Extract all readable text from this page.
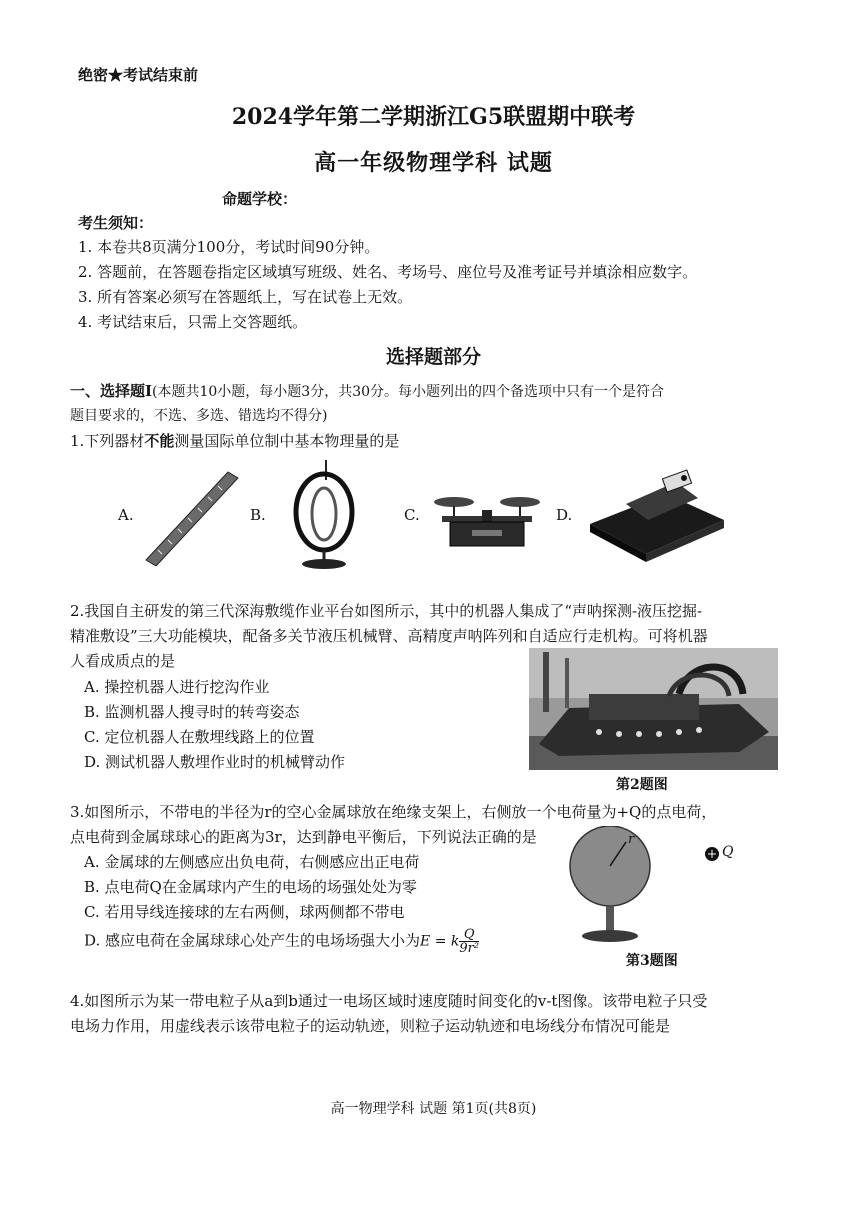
绝密★考试结束前
2024学年第二学期浙江G5联盟期中联考
高一年级物理学科 试题
命题学校：
考生须知：
1. 本卷共8页满分100分，考试时间90分钟。
2. 答题前，在答题卷指定区域填写班级、姓名、考场号、座位号及准考证号并填涂相应数字。
3. 所有答案必须写在答题纸上，写在试卷上无效。
4. 考试结束后，只需上交答题纸。
选择题部分
一、选择题Ⅰ(本题共10小题，每小题3分，共30分。每小题列出的四个备选项中只有一个是符合
题目要求的，不选、多选、错选均不得分)
1.下列器材不能测量国际单位制中基本物理量的是
A.	B.	C.	D.
2.我国自主研发的第三代深海敷缆作业平台如图所示，其中的机器人集成了“声呐探测-液压挖掘-
精准敷设”三大功能模块，配备多关节液压机械臂、高精度声呐阵列和自适应行走机构。可将机器
人看成质点的是
A. 操控机器人进行挖沟作业
B. 监测机器人搜寻时的转弯姿态
C. 定位机器人在敷埋线路上的位置
D. 测试机器人敷埋作业时的机械臂动作
第2题图
3.如图所示，不带电的半径为r的空心金属球放在绝缘支架上，右侧放一个电荷量为+Q的点电荷，
点电荷到金属球球心的距离为3r，达到静电平衡后，下列说法正确的是
A. 金属球的左侧感应出负电荷，右侧感应出正电荷
B. 点电荷Q在金属球内产生的电场的场强处处为零
C. 若用导线连接球的左右两侧，球两侧都不带电
D. 感应电荷在金属球球心处产生的电场场强大小为E = k $\frac{Q}{\text{9r²}}$
r
Q
第3题图
4.如图所示为某一带电粒子从a到b通过一电场区域时速度随时间变化的v-t图像。该带电粒子只受
电场力作用，用虚线表示该带电粒子的运动轨迹，则粒子运动轨迹和电场线分布情况可能是
高一物理学科 试题 第1页(共8页)
